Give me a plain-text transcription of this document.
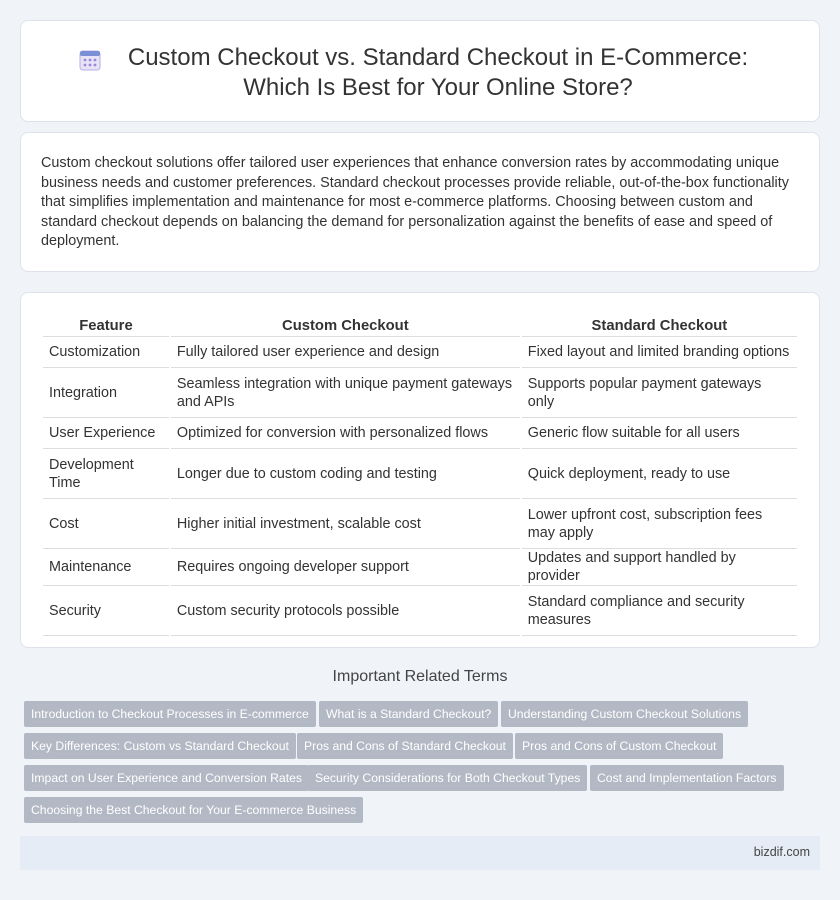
Custom Checkout vs. Standard Checkout in E-Commerce: Which Is Best for Your Online Store?

Custom checkout solutions offer tailored user experiences that enhance conversion rates by accommodating unique business needs and customer preferences. Standard checkout processes provide reliable, out-of-the-box functionality that simplifies implementation and maintenance for most e-commerce platforms. Choosing between custom and standard checkout depends on balancing the demand for personalization against the benefits of ease and speed of deployment.

Feature	Custom Checkout	Standard Checkout
Customization	Fully tailored user experience and design	Fixed layout and limited branding options
Integration	Seamless integration with unique payment gateways and APIs	Supports popular payment gateways only
User Experience	Optimized for conversion with personalized flows	Generic flow suitable for all users
Development Time	Longer due to custom coding and testing	Quick deployment, ready to use
Cost	Higher initial investment, scalable cost	Lower upfront cost, subscription fees may apply
Maintenance	Requires ongoing developer support	Updates and support handled by provider
Security	Custom security protocols possible	Standard compliance and security measures
Important Related Terms
Introduction to Checkout Processes in E-commerce	What is a Standard Checkout?	Understanding Custom Checkout Solutions
Key Differences: Custom vs Standard Checkout	Pros and Cons of Standard Checkout	Pros and Cons of Custom Checkout
Impact on User Experience and Conversion Rates	Security Considerations for Both Checkout Types	Cost and Implementation Factors
Choosing the Best Checkout for Your E-commerce Business
bizdif.com
